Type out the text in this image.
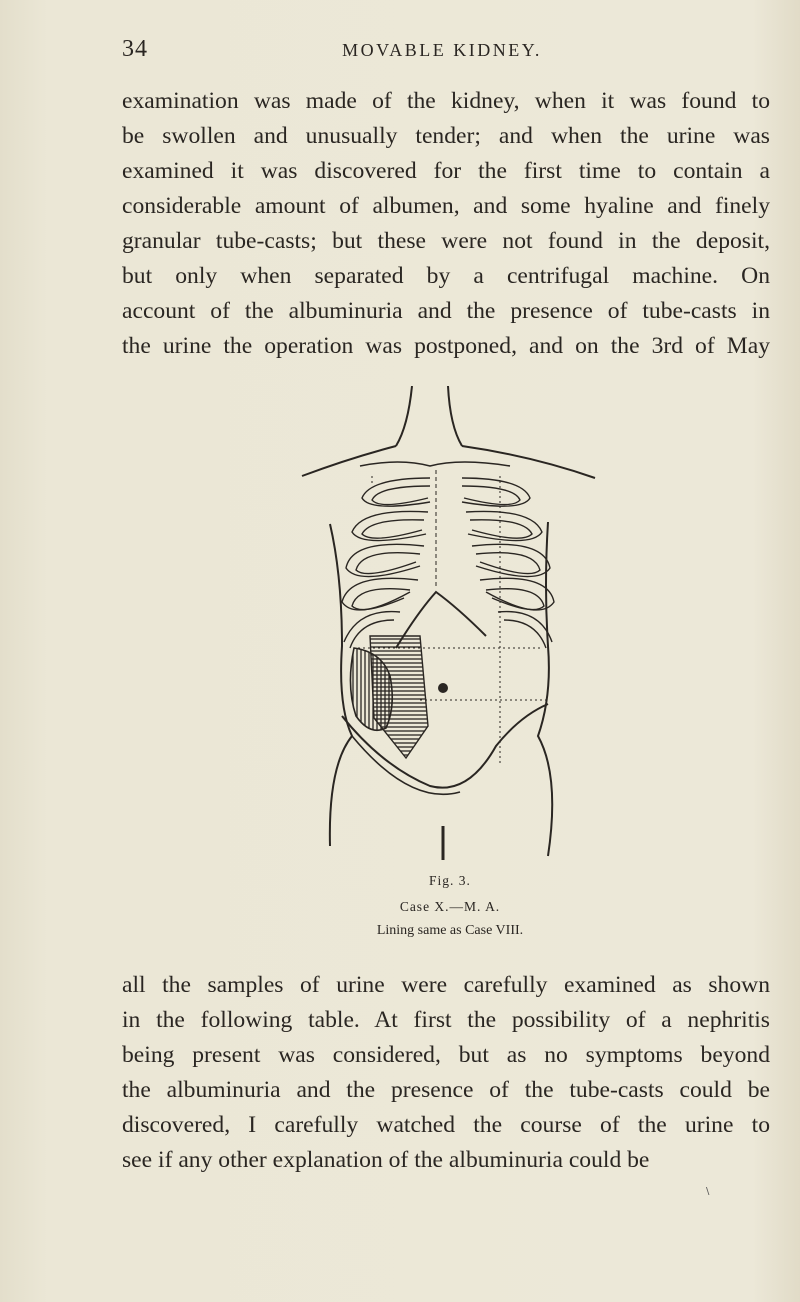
34	MOVABLE KIDNEY.
examination was made of the kidney, when it was found to
be swollen and unusually tender; and when the urine was
examined it was discovered for the first time to contain a
considerable amount of albumen, and some hyaline and finely
granular tube-casts; but these were not found in the deposit,
but only when separated by a centrifugal machine. On
account of the albuminuria and the presence of tube-casts in
the urine the operation was postponed, and on the 3rd of May
Fig. 3.
Case X.—M. A.
Lining same as Case VIII.
all the samples of urine were carefully examined as shown
in the following table. At first the possibility of a nephritis
being present was considered, but as no symptoms beyond
the albuminuria and the presence of the tube-casts could be
discovered, I carefully watched the course of the urine to
see if any other explanation of the albuminuria could be
\
